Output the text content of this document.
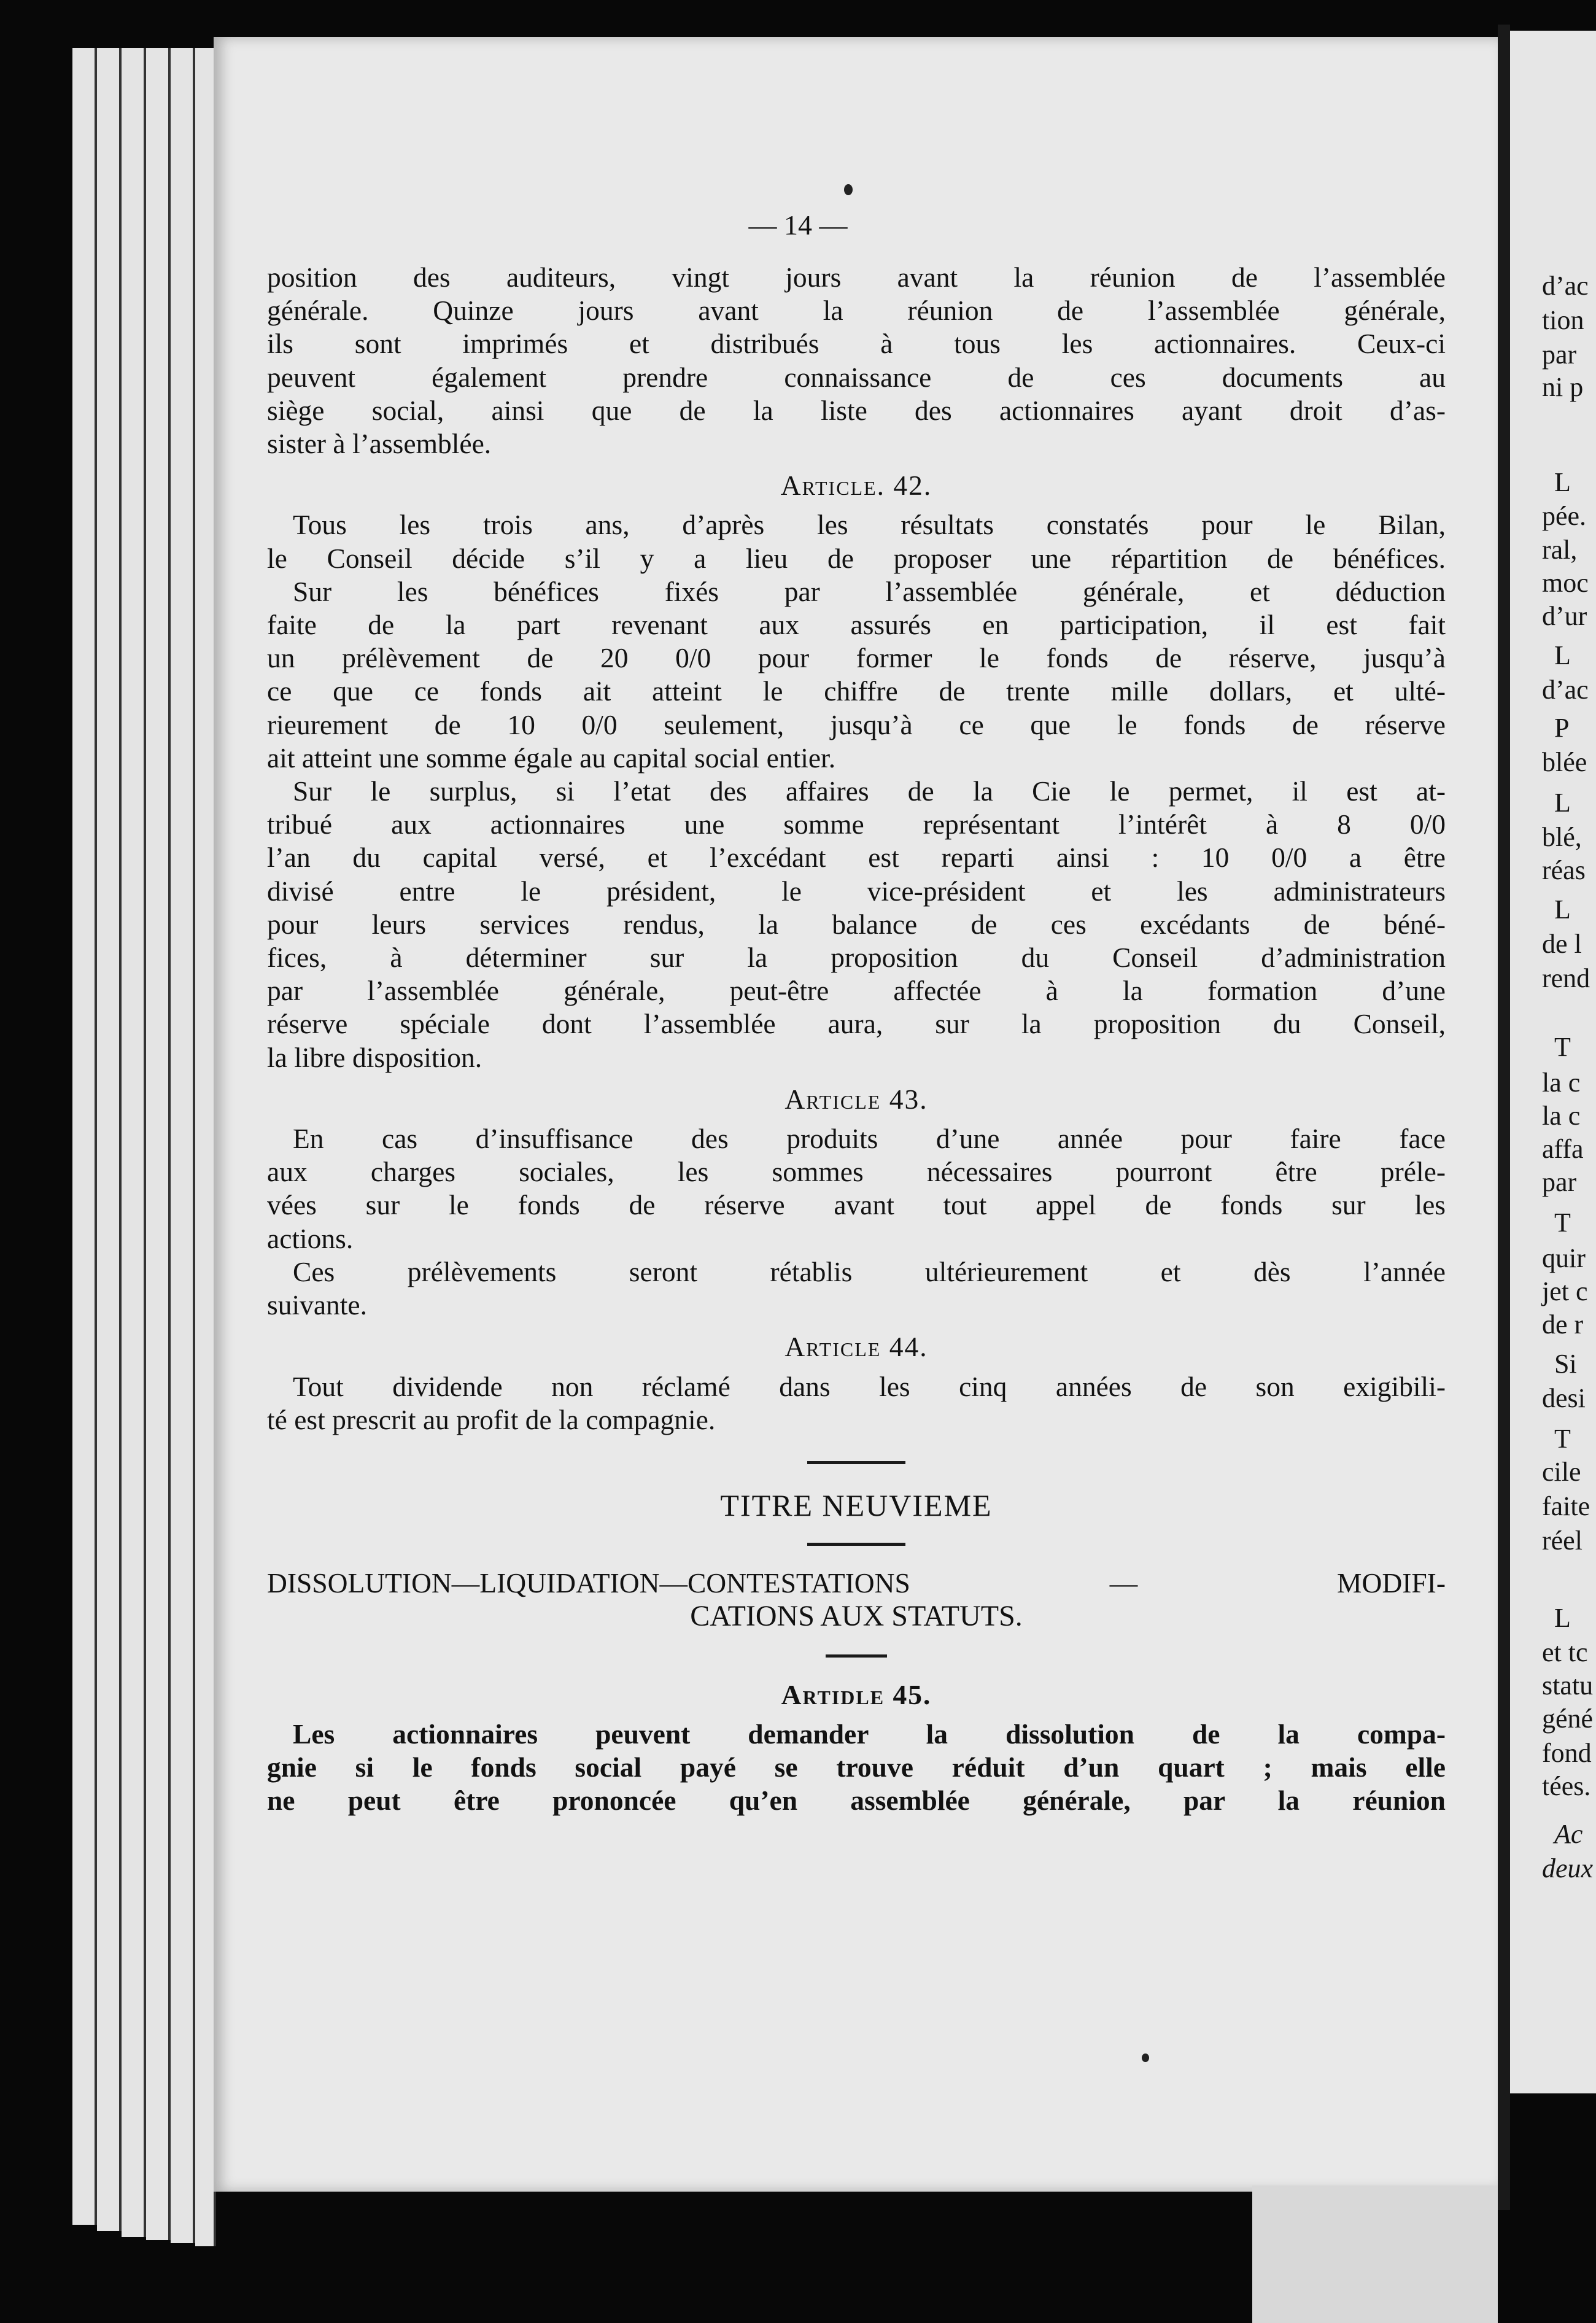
d’ac
tion
par
ni p
L
pée.
ral,
moc
d’ur
L
d’ac
P
blée
L
blé,
réas
L
de l
rend
T
la c
la c
affa
par
T
quir
jet c
de r
Si
desi
T
cile
faite
réel
L
et tc
statu
géné
fond
tées.
Ac
deux
— 14 —
position des auditeurs, vingt jours avant la réunion de l’assemblée
générale. Quinze jours avant la réunion de l’assemblée générale,
ils sont imprimés et distribués à tous les actionnaires. Ceux-ci
peuvent également prendre connaissance de ces documents au
siège social, ainsi que de la liste des actionnaires ayant droit d’as-
sister à l’assemblée.
Article. 42.
Tous les trois ans, d’après les résultats constatés pour le Bilan,
le Conseil décide s’il y a lieu de proposer une répartition de bénéfices.
Sur les bénéfices fixés par l’assemblée générale, et déduction
faite de la part revenant aux assurés en participation, il est fait
un prélèvement de 20 0/0 pour former le fonds de réserve, jusqu’à
ce que ce fonds ait atteint le chiffre de trente mille dollars, et ulté-
rieurement de 10 0/0 seulement, jusqu’à ce que le fonds de réserve
ait atteint une somme égale au capital social entier.
Sur le surplus, si l’etat des affaires de la Cie le permet, il est at-
tribué aux actionnaires une somme représentant l’intérêt à 8 0/0
l’an du capital versé, et l’excédant est reparti ainsi : 10 0/0 a être
divisé entre le président, le vice-président et les administrateurs
pour leurs services rendus, la balance de ces excédants de béné-
fices, à déterminer sur la proposition du Conseil d’administration
par l’assemblée générale, peut-être affectée à la formation d’une
réserve spéciale dont l’assemblée aura, sur la proposition du Conseil,
la libre disposition.
Article 43.
En cas d’insuffisance des produits d’une année pour faire face
aux charges sociales, les sommes nécessaires pourront être préle-
vées sur le fonds de réserve avant tout appel de fonds sur les
actions.
Ces prélèvements seront rétablis ultérieurement et dès l’année
suivante.
Article 44.
Tout dividende non réclamé dans les cinq années de son exigibili-
té est prescrit au profit de la compagnie.
TITRE NEUVIEME
DISSOLUTION—LIQUIDATION—CONTESTATIONS — MODIFI-
CATIONS AUX STATUTS.
Artidle 45.
Les actionnaires peuvent demander la dissolution de la compa-
gnie si le fonds social payé se trouve réduit d’un quart ; mais elle
ne peut être prononcée qu’en assemblée générale, par la réunion
